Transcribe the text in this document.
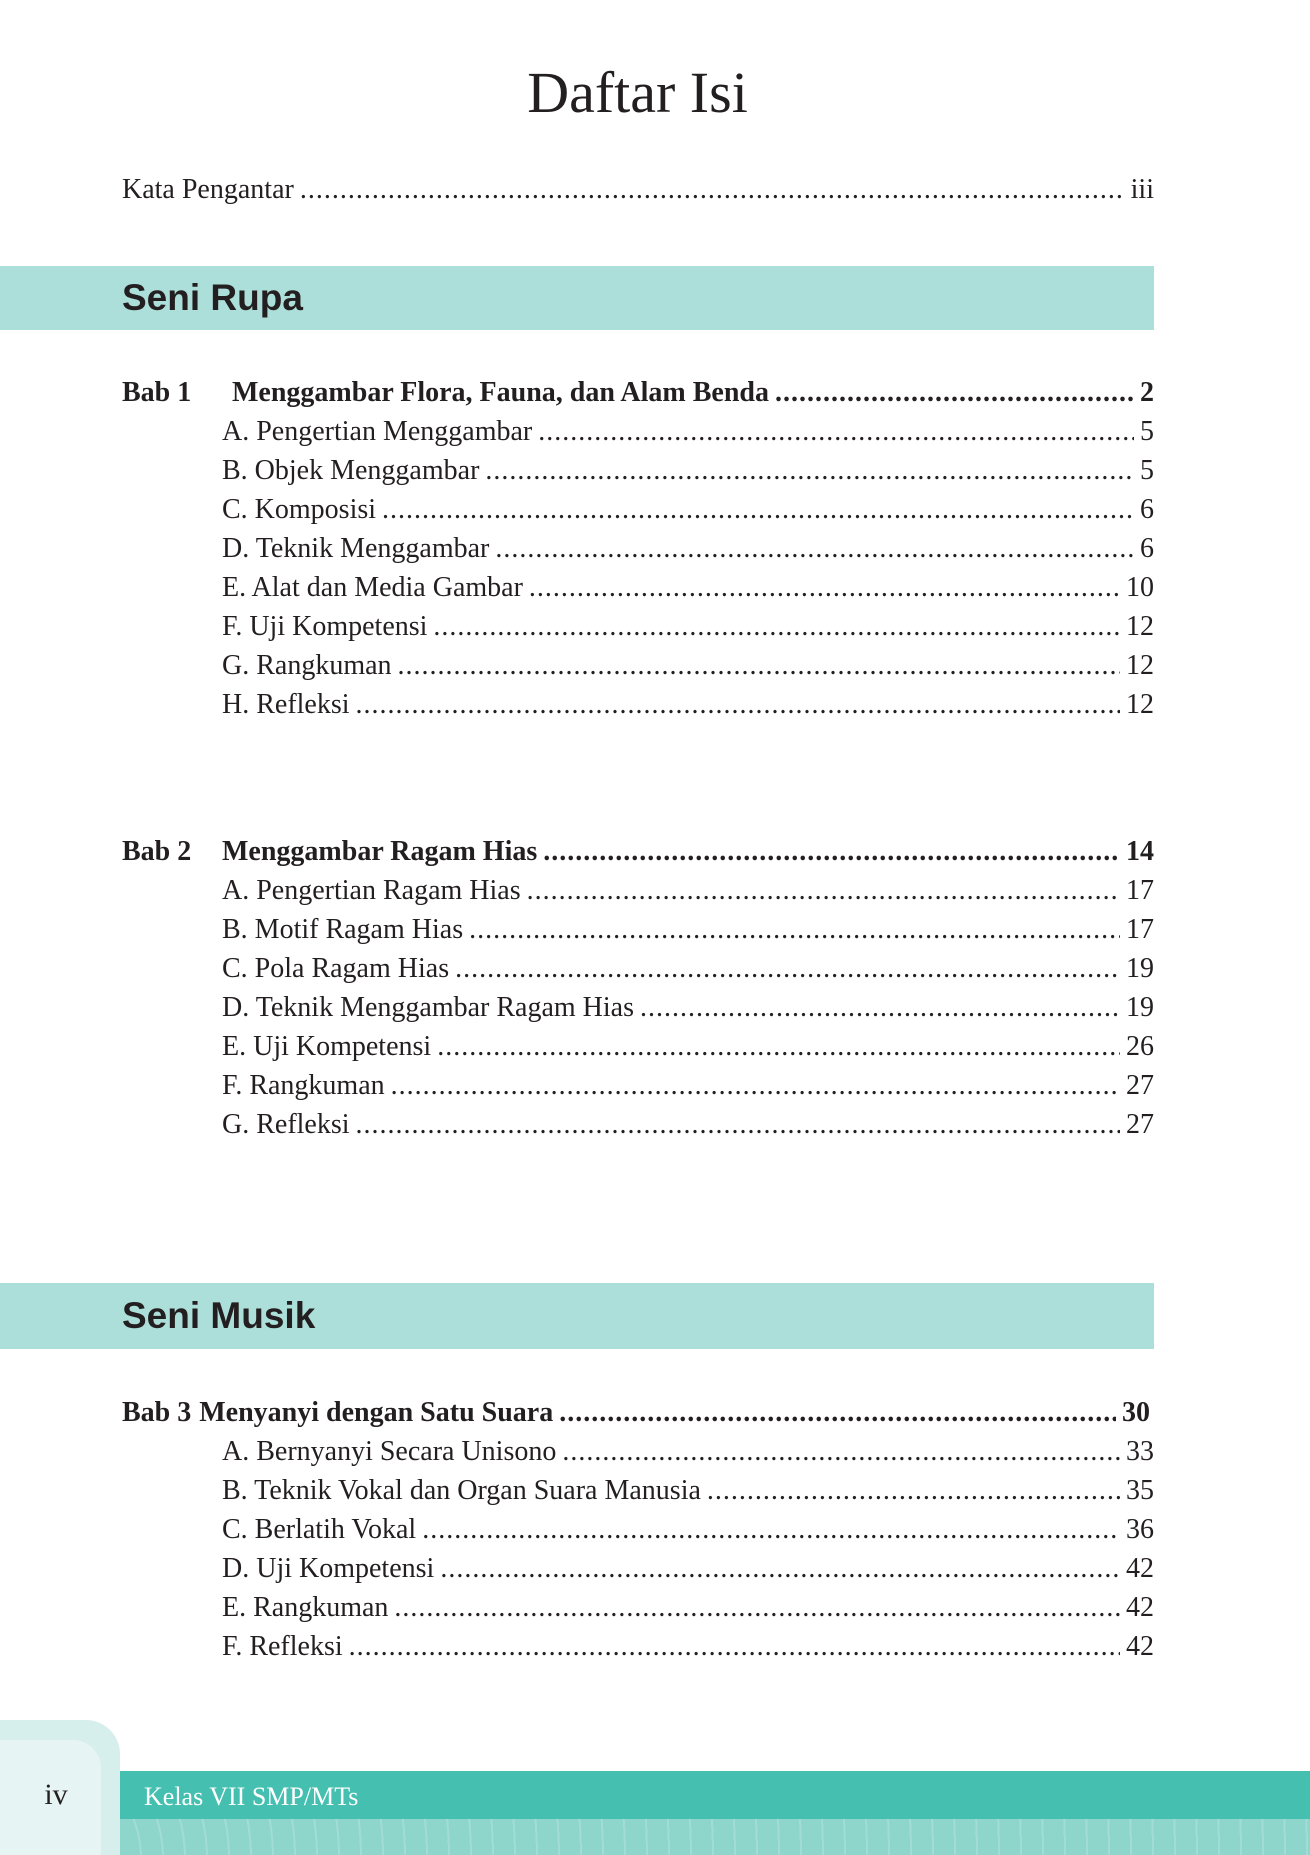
Daftar Isi
Kata Pengantar .....	iii
Seni Rupa
Bab 1	Menggambar Flora, Fauna, dan Alam Benda .....	2
A. Pengertian Menggambar .....	5
B. Objek Menggambar .....	5
C. Komposisi .....	6
D. Teknik Menggambar .....	6
E. Alat dan Media Gambar .....	10
F. Uji Kompetensi .....	12
G. Rangkuman .....	12
H. Refleksi .....	12
Bab 2	Menggambar Ragam Hias .....	14
A. Pengertian Ragam Hias .....	17
B. Motif Ragam Hias .....	17
C. Pola Ragam Hias .....	19
D. Teknik Menggambar Ragam Hias .....	19
E. Uji Kompetensi .....	26
F. Rangkuman .....	27
G. Refleksi .....	27
Seni Musik
Bab 3 Menyanyi dengan Satu Suara .....	30
A. Bernyanyi Secara Unisono .....	33
B. Teknik Vokal dan Organ Suara Manusia .....	35
C. Berlatih Vokal .....	36
D. Uji Kompetensi .....	42
E. Rangkuman .....	42
F. Refleksi .....	42
iv	Kelas VII SMP/MTs
